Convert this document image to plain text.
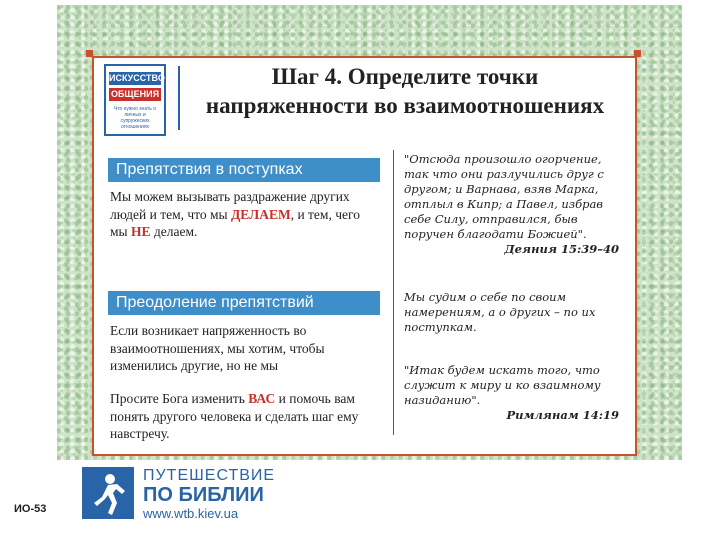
ИСКУССТВО
ОБЩЕНИЯ
Что нужно знать о личных и супружеских отношениях
Шаг 4. Определите точки
напряженности во взаимоотношениях
Препятствия в поступках
Мы можем вызывать раздражение других людей и тем, что мы ДЕЛАЕМ, и тем, чего мы НЕ делаем.
Преодоление препятствий
Если возникает напряженность во взаимоотношениях, мы хотим, чтобы изменились другие, но не мы
Просите Бога изменить ВАС и помочь вам понять другого человека и сделать шаг ему навстречу.
"Отсюда произошло огорчение, так что они разлучились друг с другом; и Варнава, взяв Марка, отплыл в Кипр; а Павел, избрав себе Силу, отправился, быв поручен благодати Божией".
Деяния 15:39–40
Мы судим о себе по своим намерениям, а о других – по их поступкам.
"Итак будем искать того, что служит к миру и ко взаимному назиданию".
Римлянам 14:19
ПУТЕШЕСТВИЕ
ПО БИБЛИИ
www.wtb.kiev.ua
ИО-53
